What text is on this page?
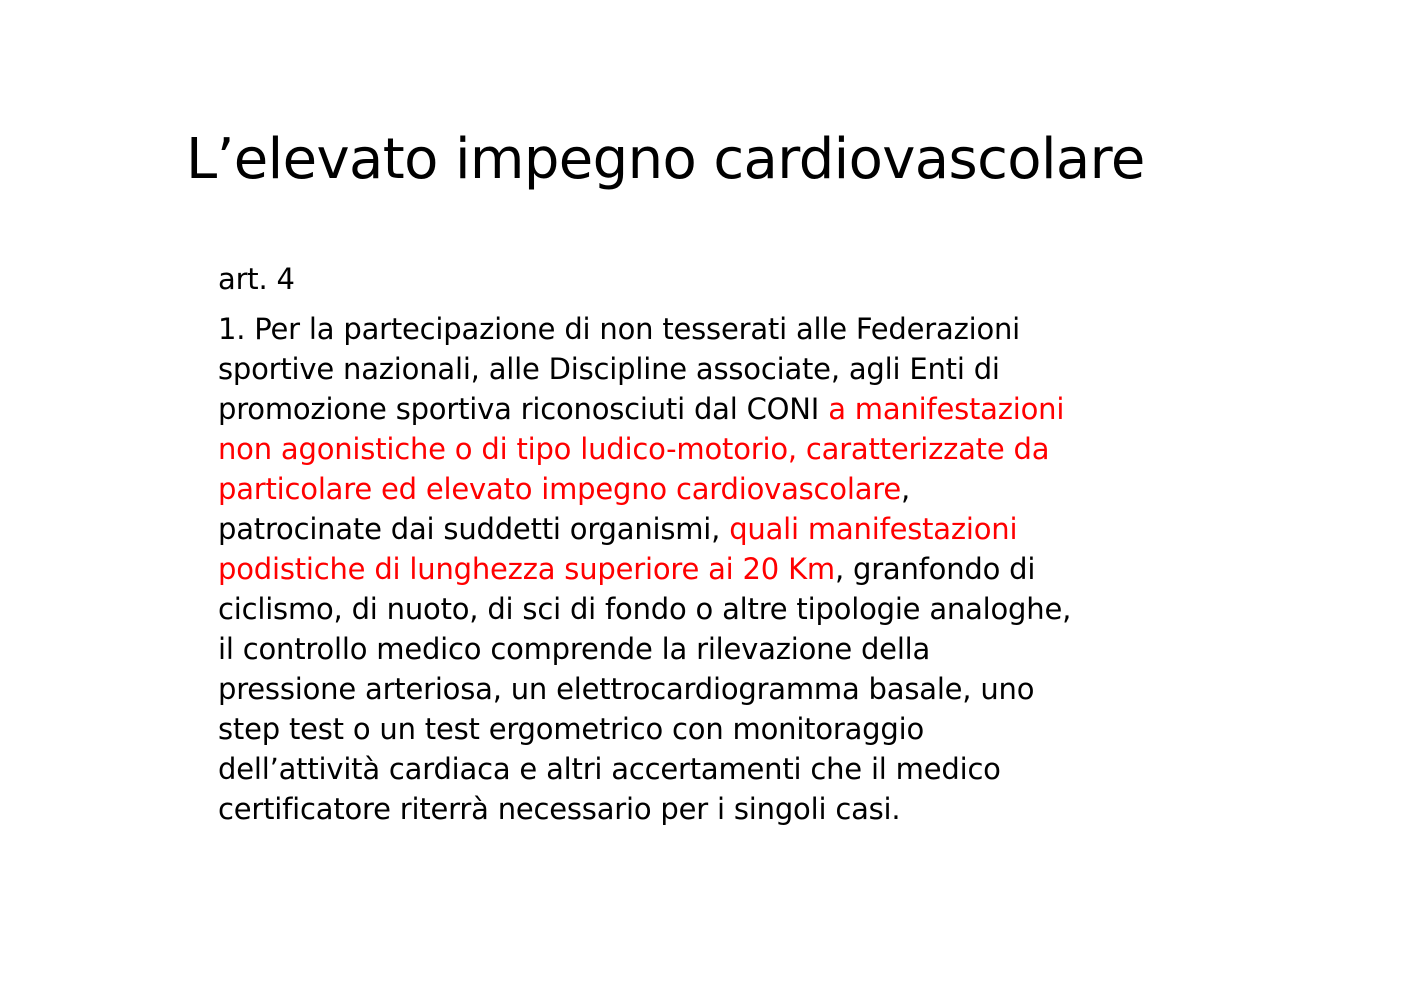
L’elevato impegno cardiovascolare

art. 4

1. Per la partecipazione di non tesserati alle Federazioni
sportive nazionali, alle Discipline associate, agli Enti di
promozione sportiva riconosciuti dal CONI a manifestazioni
non agonistiche o di tipo ludico-motorio, caratterizzate da
particolare ed elevato impegno cardiovascolare,
patrocinate dai suddetti organismi, quali manifestazioni
podistiche di lunghezza superiore ai 20 Km, granfondo di
ciclismo, di nuoto, di sci di fondo o altre tipologie analoghe,
il controllo medico comprende la rilevazione della
pressione arteriosa, un elettrocardiogramma basale, uno
step test o un test ergometrico con monitoraggio
dell’attività cardiaca e altri accertamenti che il medico
certificatore riterrà necessario per i singoli casi.
